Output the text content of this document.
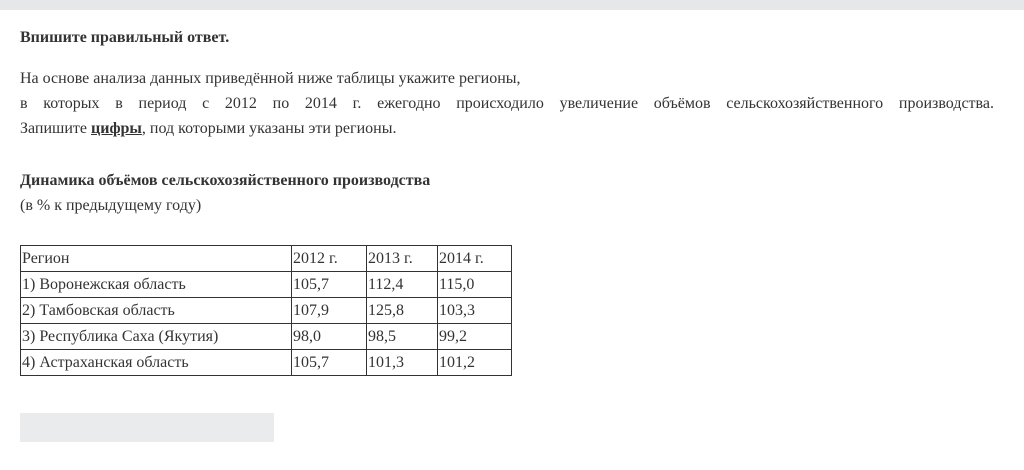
Впишите правильный ответ.

На основе анализа данных приведённой ниже таблицы укажите регионы,

в которых в период с 2012 по 2014 г. ежегодно происходило увеличение объёмов сельскохозяйственного производства.
Запишите цифры, под которыми указаны эти регионы.

Динамика объёмов сельскохозяйственного производства
(в % к предыдущему году)
Регион	2012 г.	2013 г.	2014 г.
1) Воронежская область	105,7	112,4	115,0
2) Тамбовская область	107,9	125,8	103,3
3) Республика Саха (Якутия)	98,0	98,5	99,2
4) Астраханская область	105,7	101,3	101,2
